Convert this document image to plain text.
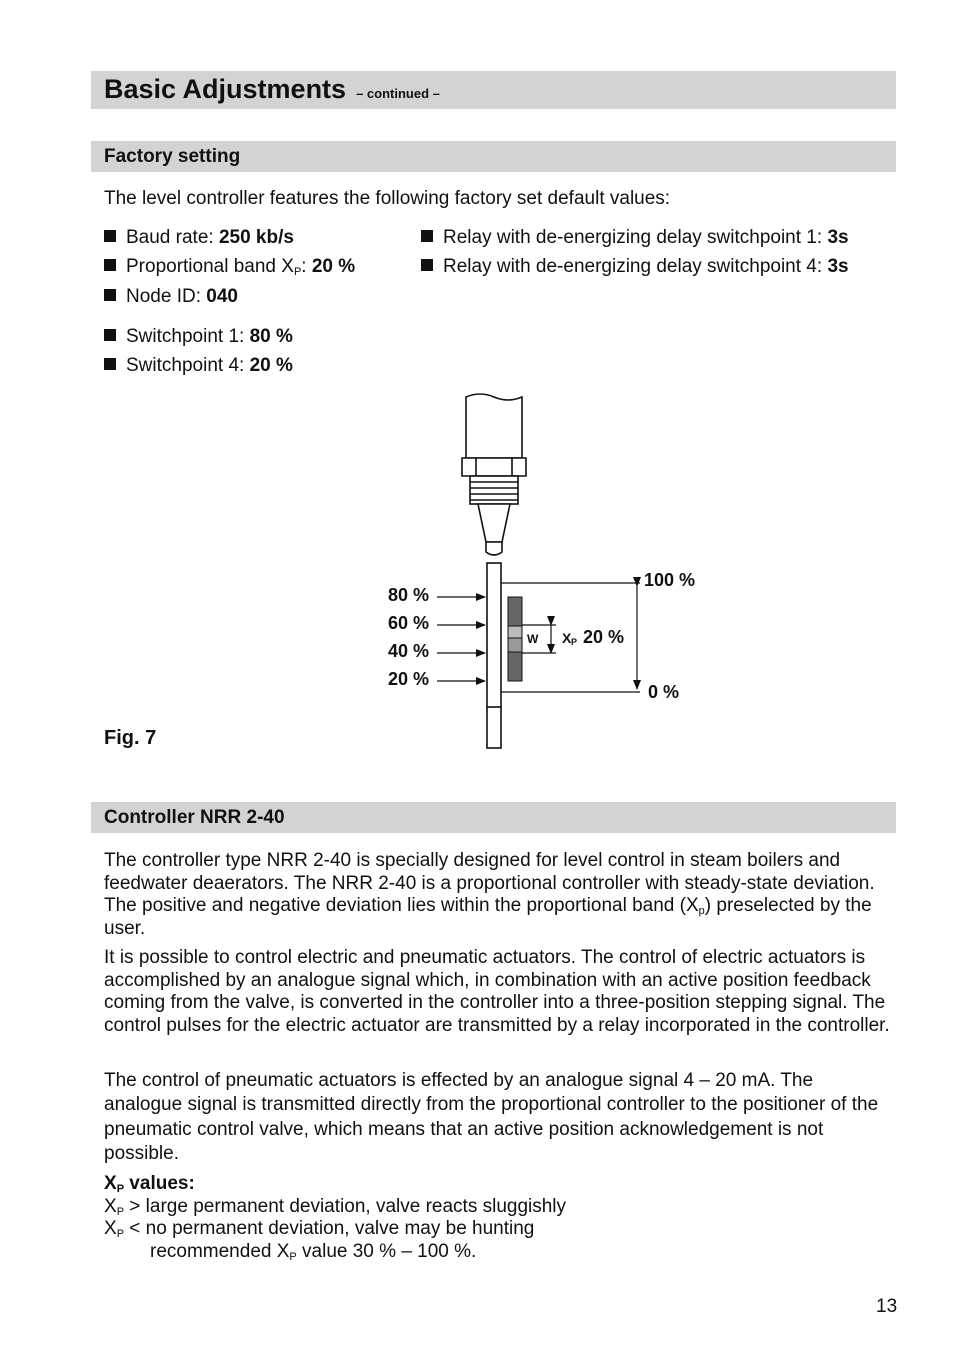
Basic Adjustments – continued –
Factory setting
The level controller features the following factory set default values:
Baud rate: 250 kb/s
Proportional band $X_P$: 20 %
Node ID: 040
Switchpoint 1: 80 %
Switchpoint 4: 20 %
Relay with de-energizing delay switchpoint 1: 3s
Relay with de-energizing delay switchpoint 4: 3s
80 %
60 %
40 %
20 %
100 %
0 %
W X P 20 %
Fig. 7
Controller NRR 2-40

The controller type NRR 2-40 is specially designed for level control in steam boilers and feedwater deaerators. The NRR 2-40 is a proportional controller with steady-state deviation. The positive and negative deviation lies within the proportional band $(X_p)$ preselected by the user.

It is possible to control electric and pneumatic actuators. The control of electric actuators is accomplished by an analogue signal which, in combination with an active position feedback coming from the valve, is converted in the controller into a three-position stepping signal. The control pulses for the electric actuator are transmitted by a relay incorporated in the controller.

The control of pneumatic actuators is effected by an analogue signal 4 – 20 mA. The analogue signal is transmitted directly from the proportional controller to the positioner of the pneumatic control valve, which means that an active position acknowledgement is not possible.

$X_P$ values:
$X_P$ > large permanent deviation, valve reacts sluggishly
$X_P$ < no permanent deviation, valve may be hunting
recommended $X_P$ value 30 % – 100 %.
13
